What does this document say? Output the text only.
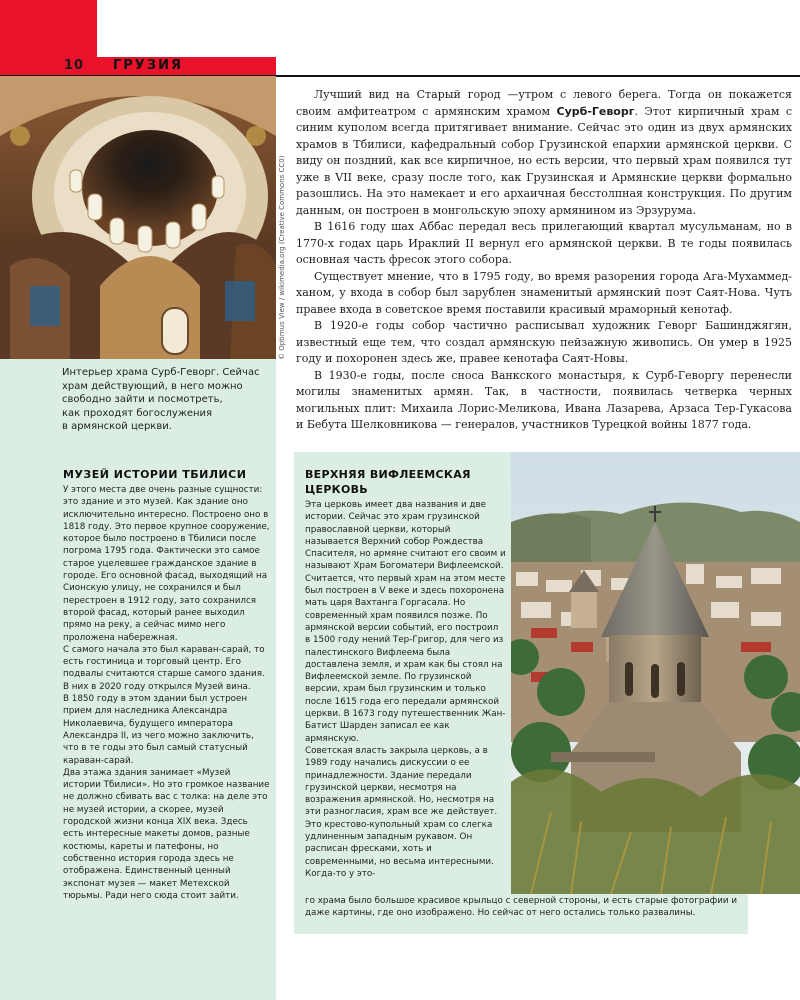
10 ГРУЗИЯ
© Optimus View / wikimedia.org (Creative Commons CC0)
Интерьер храма Сурб-Геворг. Сейчас
храм действующий, в него можно
свободно зайти и посмотреть,
как проходят богослужения
в армянской церкви.

Лучший вид на Старый город —утром с левого берега. Тогда он покажется своим амфитеатром с армянским храмом Сурб-Геворг. Этот кирпичный храм с синим куполом всегда притягивает внимание. Сейчас это один из двух армянских храмов в Тбилиси, кафедральный собор Грузинской епархии армянской церкви. С виду он поздний, как все кирпичное, но есть версии, что первый храм появился тут уже в VII веке, сразу после того, как Грузинская и Армянские церкви формально разошлись. На это намекает и его архаичная бесстолпная конструкция. По другим данным, он построен в монгольскую эпоху армянином из Эрзурума.

В 1616 году шах Аббас передал весь прилегающий квартал мусульманам, но в 1770-х годах царь Ираклий II вернул его армянской церкви. В те годы появилась основная часть фресок этого собора.

Существует мнение, что в 1795 году, во время разорения города Ага-Мухаммед-ханом, у входа в собор был зарублен знаменитый армянский поэт Саят-Нова. Чуть правее входа в советское время поставили красивый мраморный кенотаф.

В 1920-е годы собор частично расписывал художник Геворг Башинджягян, известный еще тем, что создал армянскую пейзажную живопись. Он умер в 1925 году и похоронен здесь же, правее кенотафа Саят-Новы.

В 1930-е годы, после сноса Ванкского монастыря, к Сурб-Геворгу перенесли могилы знаменитых армян. Так, в частности, появилась четверка черных могильных плит: Михаила Лорис-Меликова, Ивана Лазарева, Арзаса Тер-Гукасова и Бебута Шелковникова — генералов, участников Турецкой войны 1877 года.

МУЗЕЙ ИСТОРИИ ТБИЛИСИ

У этого места две очень разные сущности: это здание и это музей. Как здание оно исключительно интересно. Построено оно в 1818 году. Это первое крупное сооружение, которое было построено в Тбилиси после погрома 1795 года. Фактически это самое старое уцелевшее гражданское здание в городе. Его основной фасад, выходящий на Сионскую улицу, не сохранился и был перестроен в 1912 году, зато сохранился второй фасад, который ранее выходил прямо на реку, а сейчас мимо него проложена набережная.

С самого начала это был караван-сарай, то есть гостиница и торговый центр. Его подвалы считаются старше самого здания. В них в 2020 году открылся Музей вина.

В 1850 году в этом здании был устроен прием для наследника Александра Николаевича, будущего императора Александра II, из чего можно заключить, что в те годы это был самый статусный караван-сарай.

Два этажа здания занимает «Музей истории Тбилиси». Но это громкое название не должно сбивать вас с толка: на деле это не музей истории, а скорее, музей городской жизни конца XIX века. Здесь есть интересные макеты домов, разные костюмы, кареты и патефоны, но собственно история города здесь не отображена. Единственный ценный экспонат музея — макет Метехской тюрьмы. Ради него сюда стоит зайти.

ВЕРХНЯЯ ВИФЛЕЕМСКАЯ ЦЕРКОВЬ

Эта церковь имеет два названия и две истории. Сейчас это храм грузинской православной церкви, который называется Верхний собор Рождества Спасителя, но армяне считают его своим и называют Храм Богоматери Вифлеемской. Считается, что первый храм на этом месте был построен в V веке и здесь похоронена мать царя Вахтанга Горгасала. Но современный храм появился позже. По армянской версии событий, его построил в 1500 году нений Тер-Григор, для чего из палестинского Вифлеема была доставлена земля, и храм как бы стоял на Вифлеемской земле. По грузинской версии, храм был грузинским и только после 1615 года его передали армянской церкви. В 1673 году путешественник Жан-Батист Шарден записал ее как армянскую.

Советская власть закрыла церковь, а в 1989 году начались дискуссии о ее принадлежности. Здание передали грузинской церкви, несмотря на возражения армянской. Но, несмотря на эти разногласия, храм все же действует.

Это крестово-купольный храм со слегка удлиненным западным рукавом. Он расписан фресками, хоть и современными, но весьма интересными. Когда-то у это-

го храма было большое красивое крыльцо с северной стороны, и есть старые фотографии и даже картины, где оно изображено. Но сейчас от него остались только развалины.
